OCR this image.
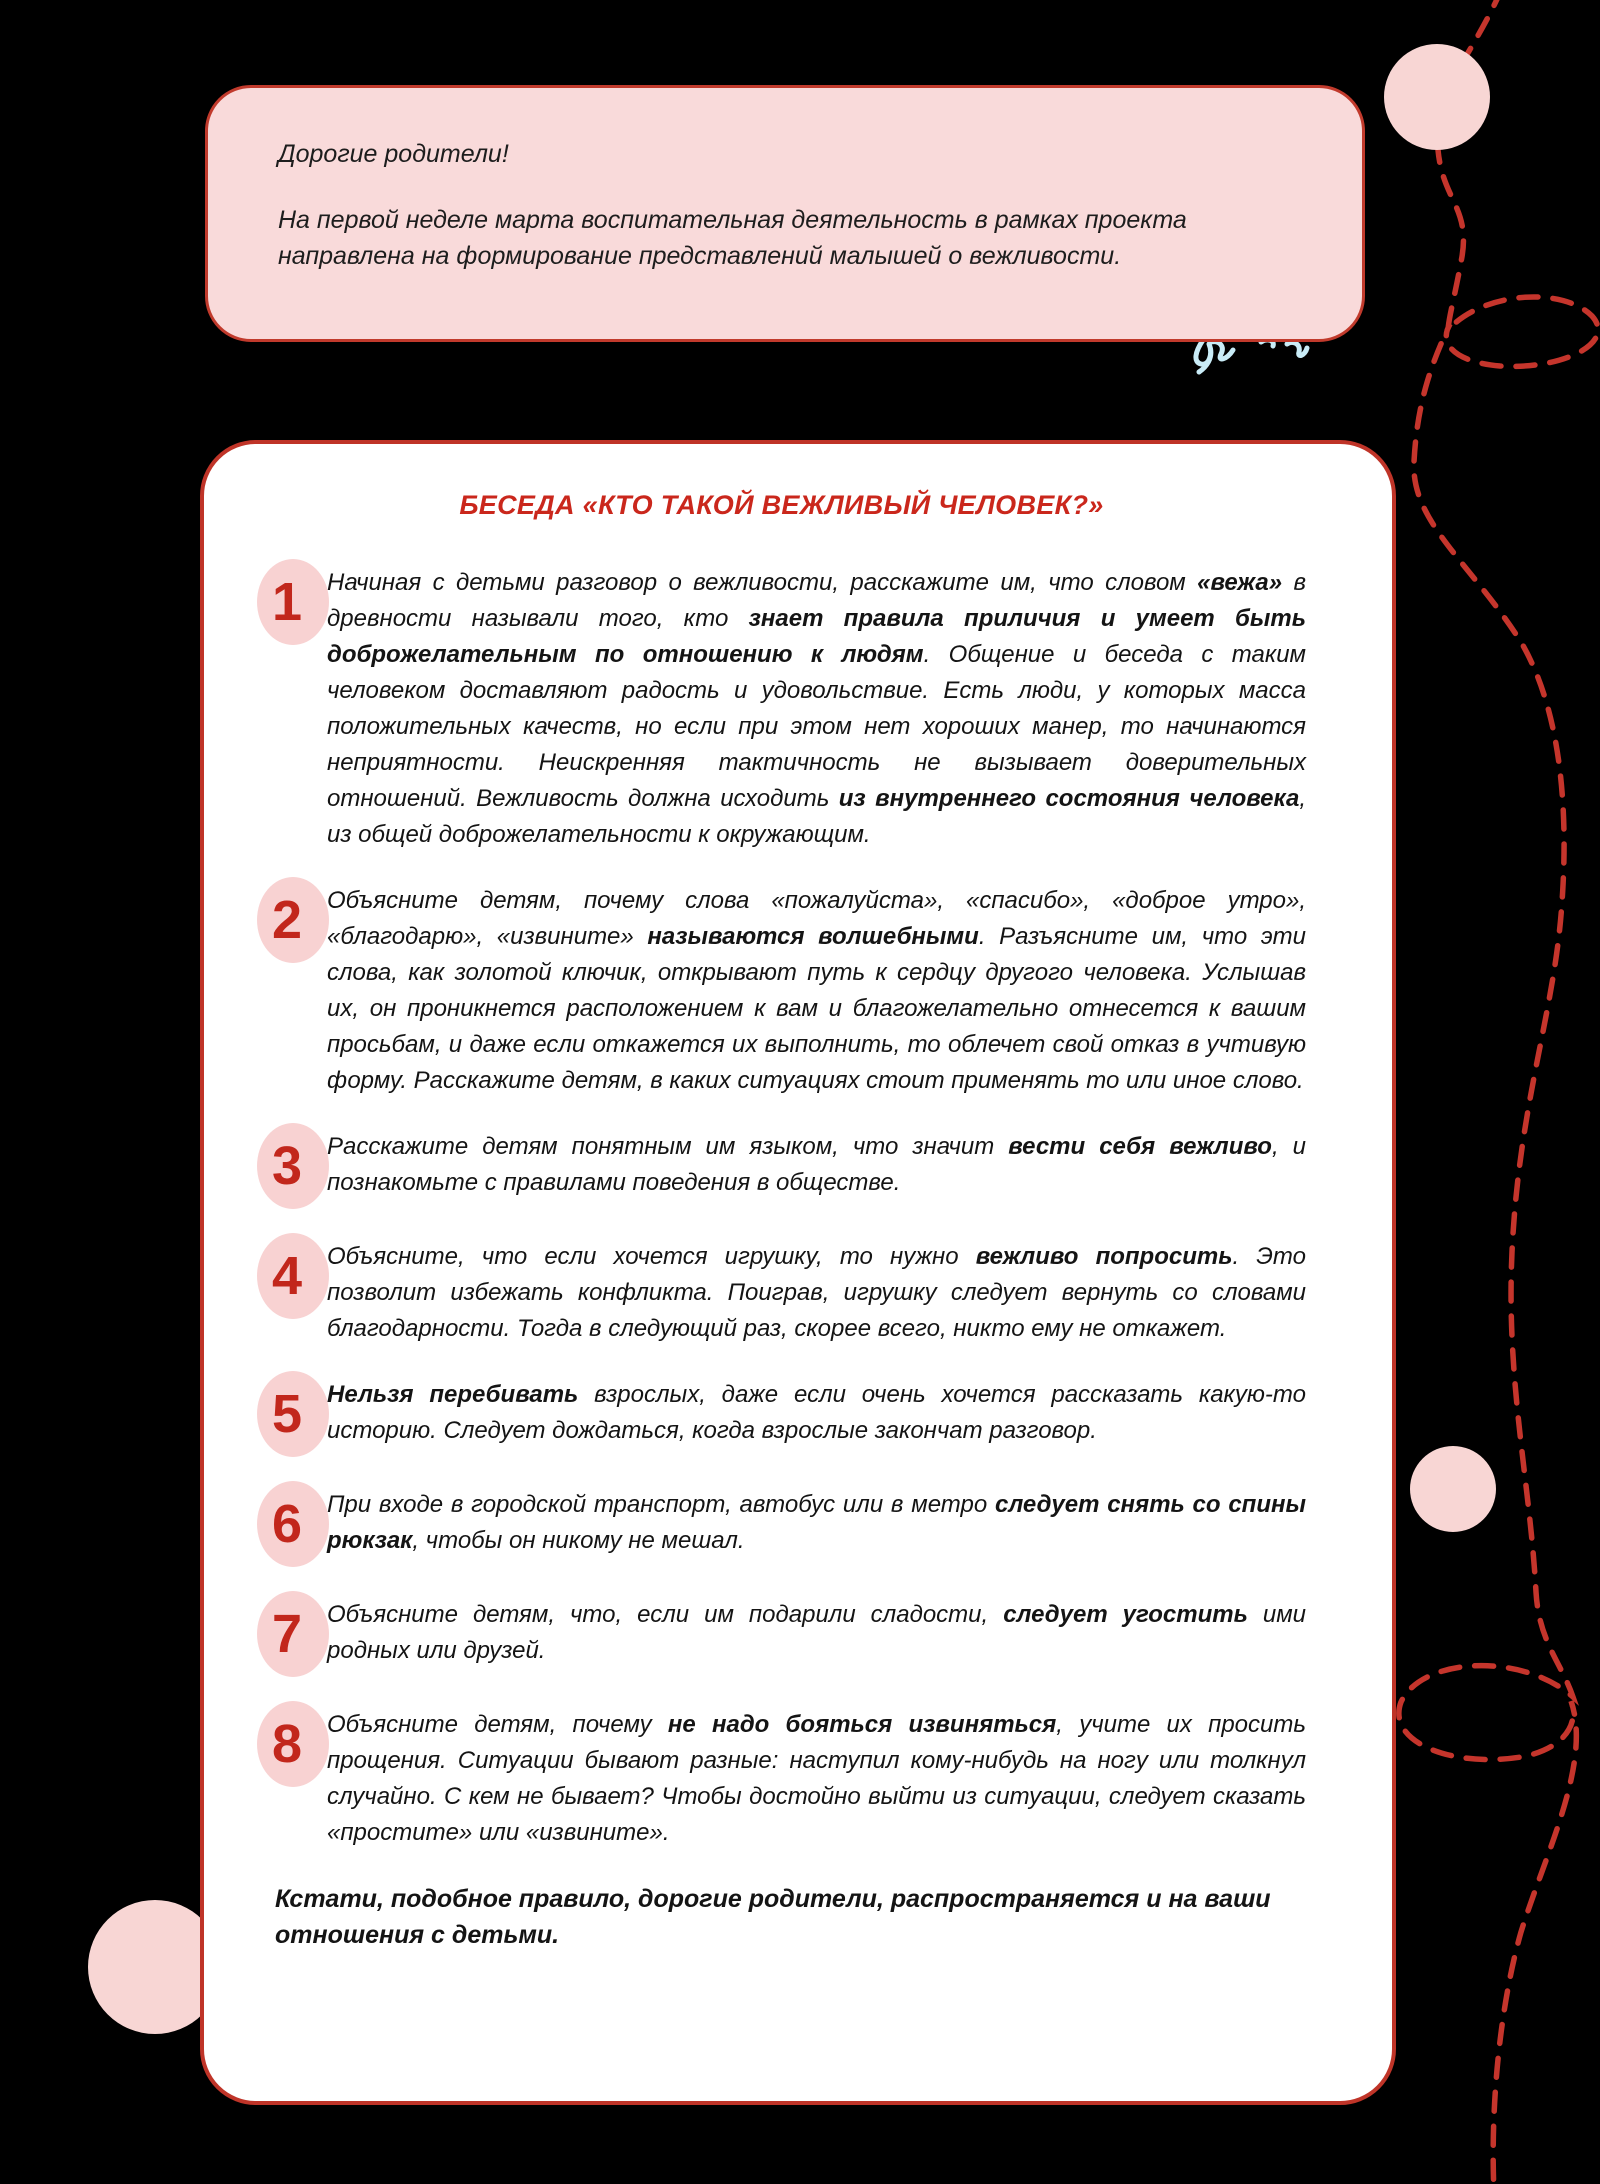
Дорогие родители!

На первой неделе марта воспитательная деятельность в рамках проекта направлена на формирование представлений малышей о вежливости.

БЕСЕДА «КТО ТАКОЙ ВЕЖЛИВЫЙ ЧЕЛОВЕК?»
1 Начиная с детьми разговор о вежливости, расскажите им, что словом «вежа» в древности называли того, кто знает правила приличия и умеет быть доброжелательным по отношению к людям. Общение и беседа с таким человеком доставляют радость и удовольствие. Есть люди, у которых масса положительных качеств, но если при этом нет хороших манер, то начинаются неприятности. Неискренняя тактичность не вызывает доверительных отношений. Вежливость должна исходить из внутреннего состояния человека, из общей доброжелательности к окружающим.

2 Объясните детям, почему слова «пожалуйста», «спасибо», «доброе утро», «благодарю», «извините» называются волшебными. Разъясните им, что эти слова, как золотой ключик, открывают путь к сердцу другого человека. Услышав их, он проникнется расположением к вам и благожелательно отнесется к вашим просьбам, и даже если откажется их выполнить, то облечет свой отказ в учтивую форму. Расскажите детям, в каких ситуациях стоит применять то или иное слово.

3 Расскажите детям понятным им языком, что значит вести себя вежливо, и познакомьте с правилами поведения в обществе.

4 Объясните, что если хочется игрушку, то нужно вежливо попросить. Это позволит избежать конфликта. Поиграв, игрушку следует вернуть со словами благодарности. Тогда в следующий раз, скорее всего, никто ему не откажет.

5 Нельзя перебивать взрослых, даже если очень хочется рассказать какую-то историю. Следует дождаться, когда взрослые закончат разговор.

6 При входе в городской транспорт, автобус или в метро следует снять со спины рюкзак, чтобы он никому не мешал.

7 Объясните детям, что, если им подарили сладости, следует угостить ими родных или друзей.

8 Объясните детям, почему не надо бояться извиняться, учите их просить прощения. Ситуации бывают разные: наступил кому-нибудь на ногу или толкнул случайно. С кем не бывает? Чтобы достойно выйти из ситуации, следует сказать «простите» или «извините».

Кстати, подобное правило, дорогие родители, распространяется и на ваши отношения с детьми.
